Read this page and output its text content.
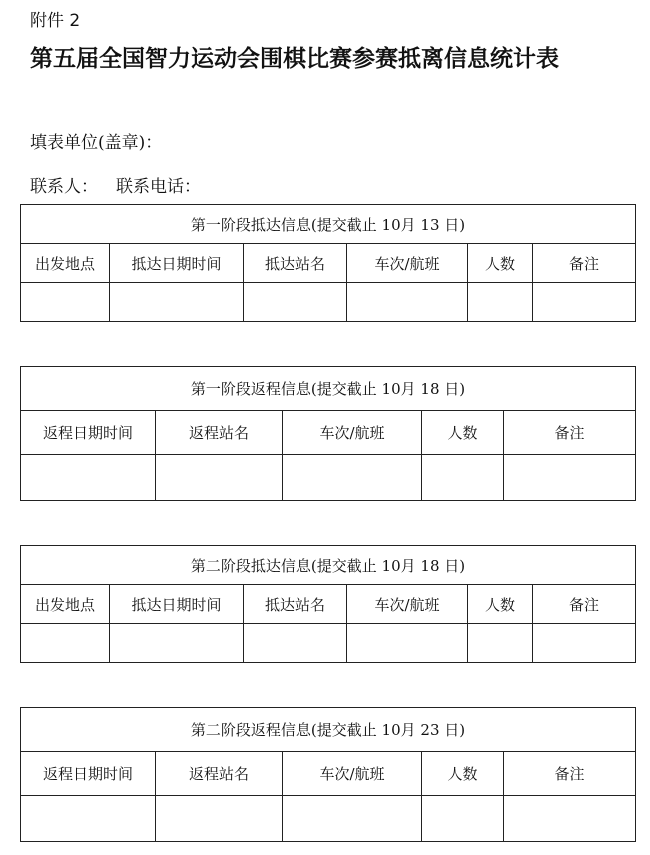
附件 2
第五届全国智力运动会围棋比赛参赛抵离信息统计表
填表单位(盖章)：
联系人： 联系电话：
第一阶段抵达信息(提交截止 10月 13 日)					
出发地点	抵达日期时间	抵达站名	车次/航班	人数	备注

第一阶段返程信息(提交截止 10月 18 日)				
返程日期时间	返程站名	车次/航班	人数	备注

第二阶段抵达信息(提交截止 10月 18 日)					
出发地点	抵达日期时间	抵达站名	车次/航班	人数	备注

第二阶段返程信息(提交截止 10月 23 日)				
返程日期时间	返程站名	车次/航班	人数	备注
